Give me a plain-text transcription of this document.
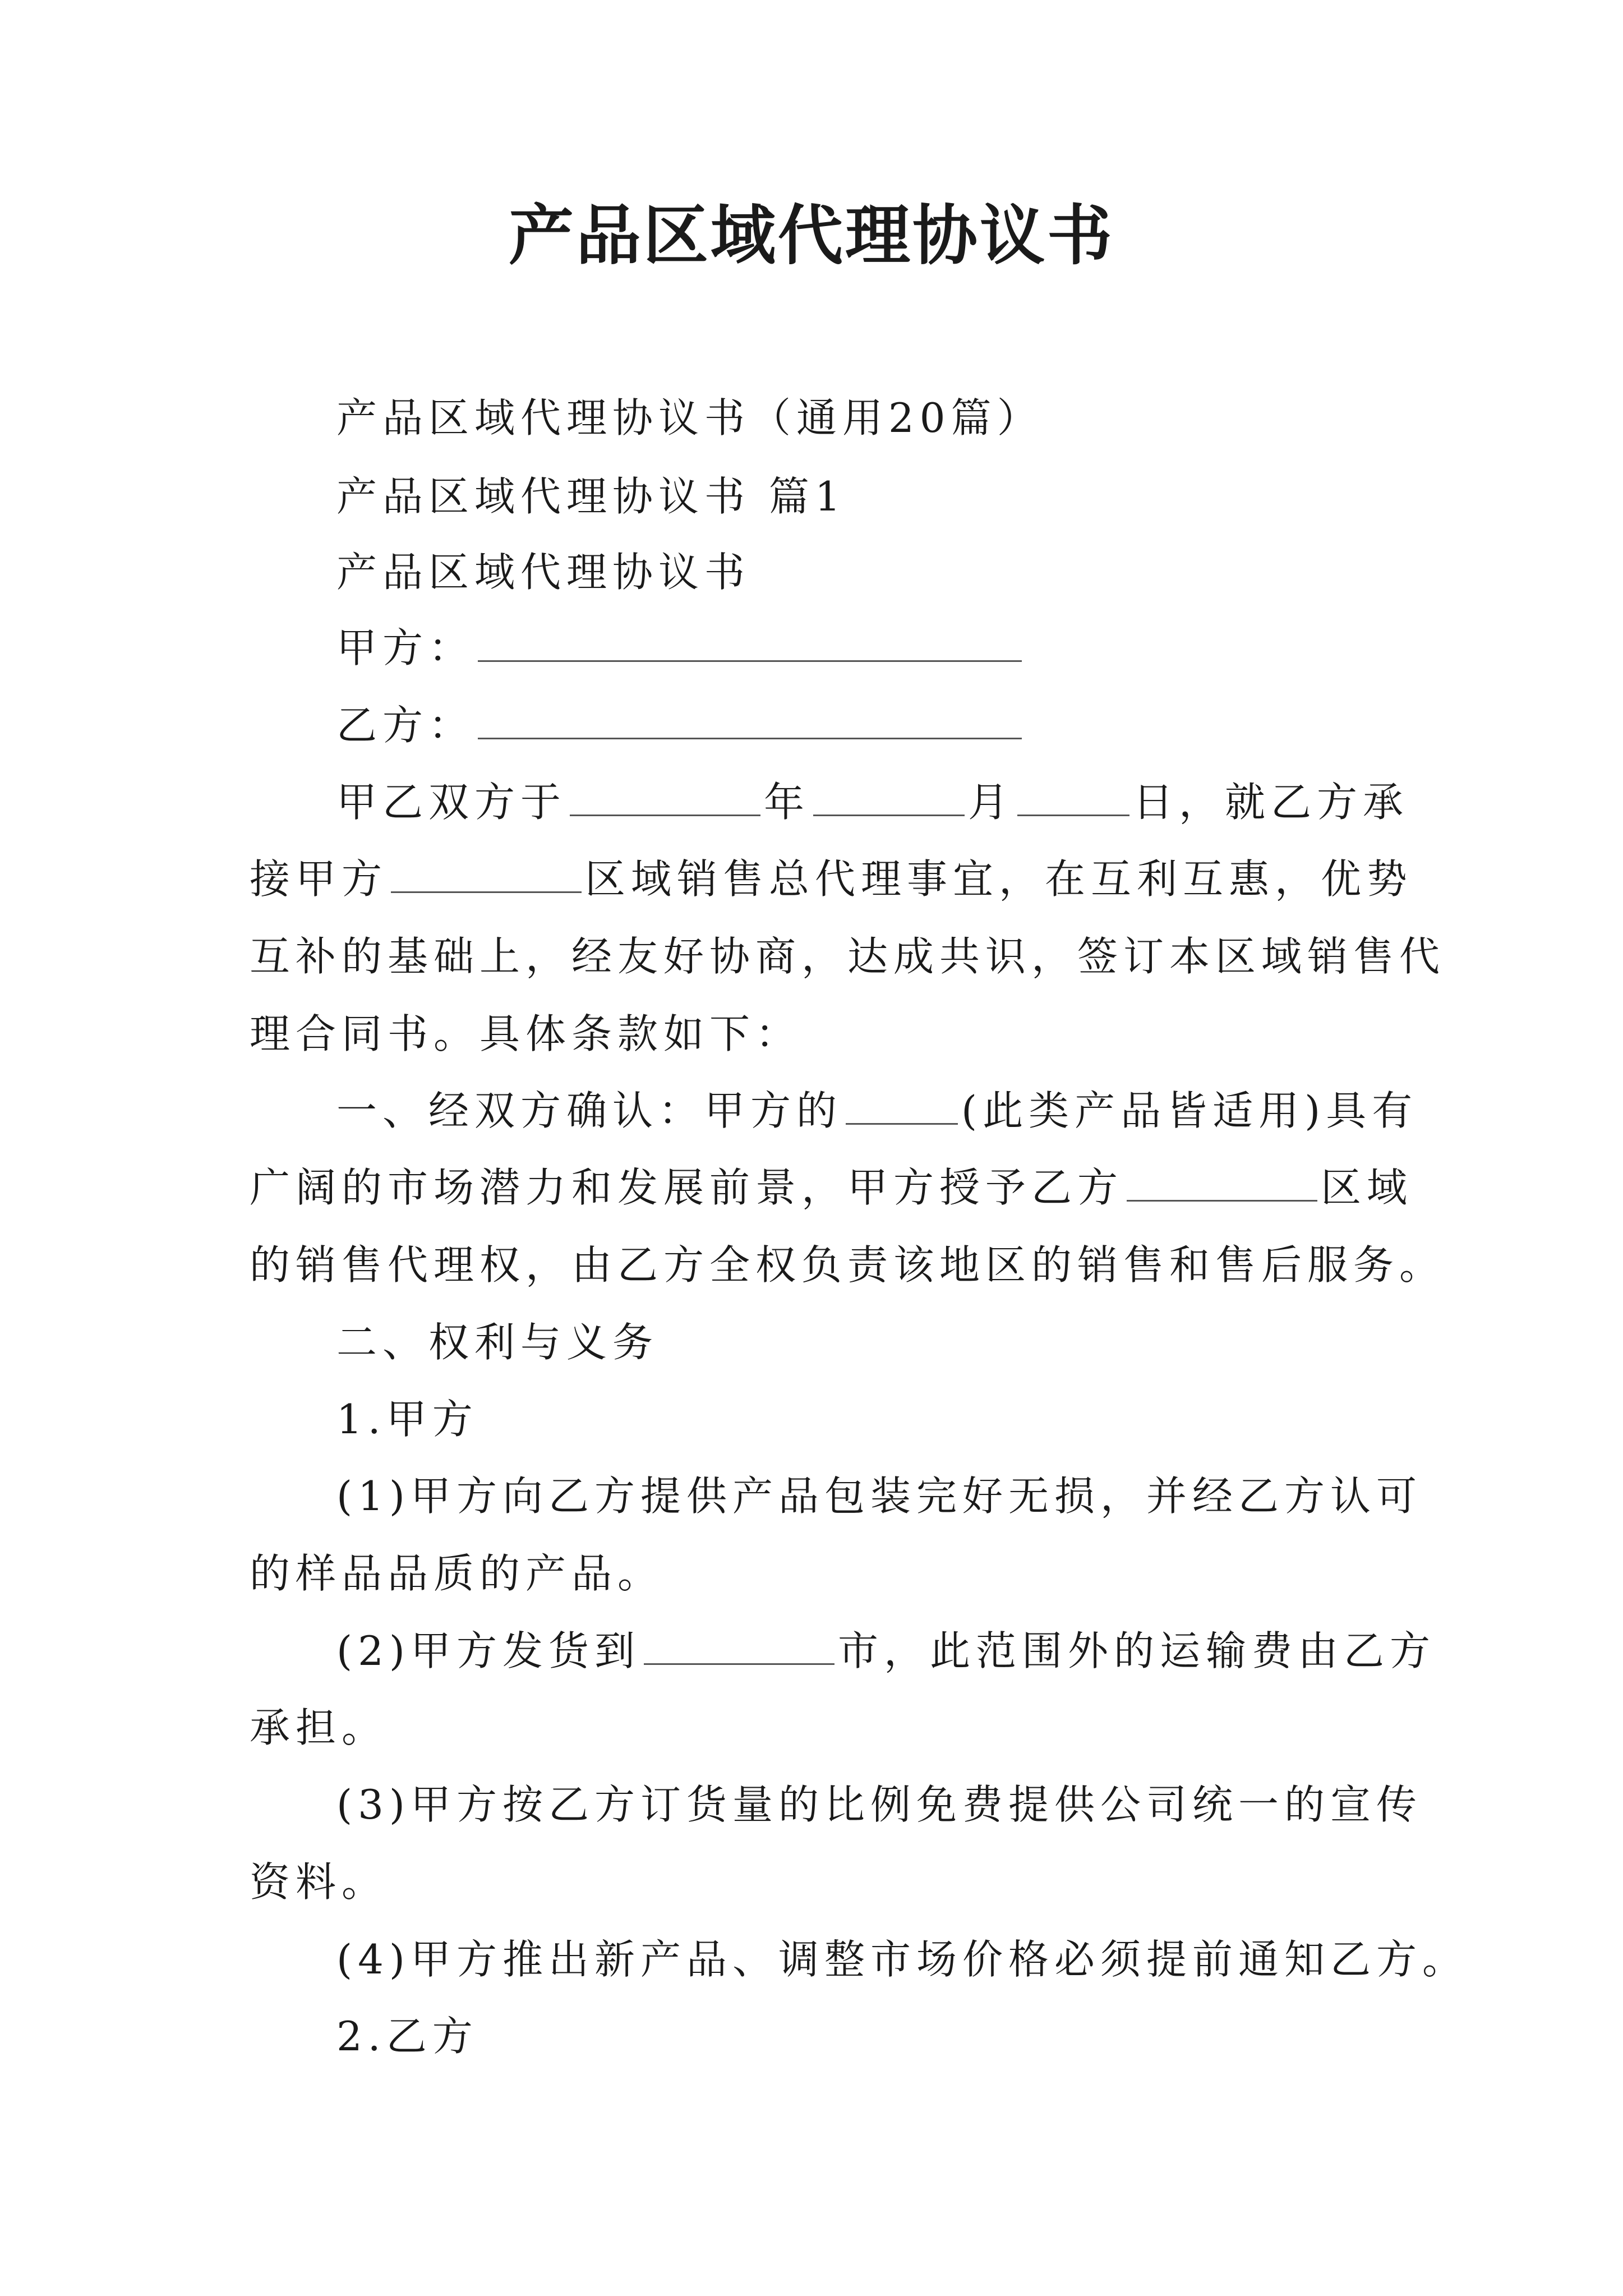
产品区域代理协议书
产品区域代理协议书（通用20篇）
产品区域代理协议书 篇1
产品区域代理协议书
甲方：
乙方：
甲乙双方于	年	月	日，就乙方承
接甲方	区域销售总代理事宜，在互利互惠，优势
互补的基础上，经友好协商，达成共识，签订本区域销售代
理合同书。具体条款如下：
一、经双方确认：甲方的	(此类产品皆适用)具有
广阔的市场潜力和发展前景，甲方授予乙方	区域
的销售代理权，由乙方全权负责该地区的销售和售后服务。
二、权利与义务
1.甲方
(1)甲方向乙方提供产品包装完好无损，并经乙方认可
的样品品质的产品。
(2)甲方发货到	市，此范围外的运输费由乙方
承担。
(3)甲方按乙方订货量的比例免费提供公司统一的宣传
资料。
(4)甲方推出新产品、调整市场价格必须提前通知乙方。
2.乙方
